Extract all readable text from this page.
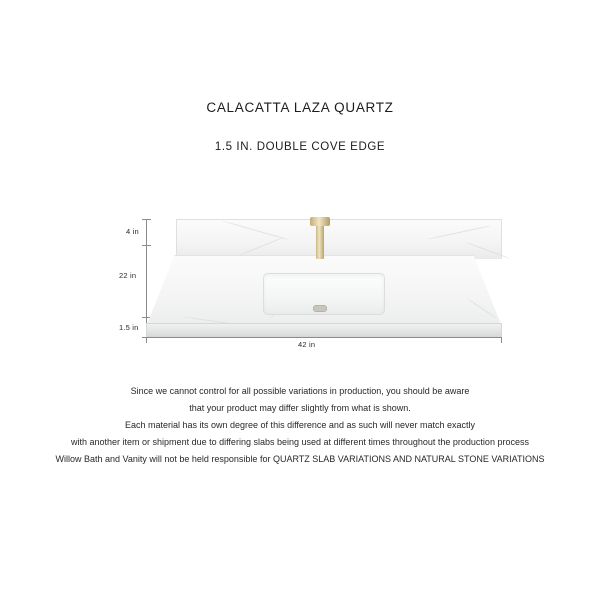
CALACATTA LAZA QUARTZ

1.5 IN. DOUBLE COVE EDGE

4 in
22 in
1.5 in
42 in
Since we cannot control for all possible variations in production, you should be aware
that your product may differ slightly from what is shown.
Each material has its own degree of this difference and as such will never match exactly
with another item or shipment due to differing slabs being used at different times throughout the production process
Willow Bath and Vanity will not be held responsible for QUARTZ SLAB VARIATIONS AND NATURAL STONE VARIATIONS
